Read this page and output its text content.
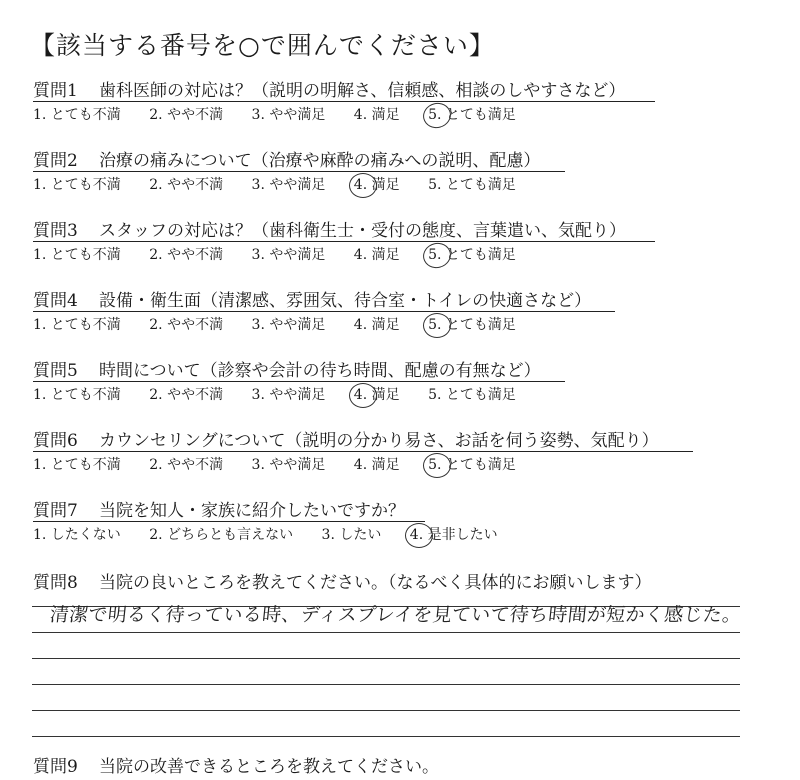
【該当する番号を○で囲んでください】
質問1 歯科医師の対応は？（説明の明解さ、信頼感、相談のしやすさなど）
1. とても不満 2. やや不満 3. やや満足 4. 満足 5. とても満足
質問2 治療の痛みについて（治療や麻酔の痛みへの説明、配慮）
1. とても不満 2. やや不満 3. やや満足 4. 満足 5. とても満足
質問3 スタッフの対応は？（歯科衛生士・受付の態度、言葉遣い、気配り）
1. とても不満 2. やや不満 3. やや満足 4. 満足 5. とても満足
質問4 設備・衛生面（清潔感、雰囲気、待合室・トイレの快適さなど）
1. とても不満 2. やや不満 3. やや満足 4. 満足 5. とても満足
質問5 時間について（診察や会計の待ち時間、配慮の有無など）
1. とても不満 2. やや不満 3. やや満足 4. 満足 5. とても満足
質問6 カウンセリングについて（説明の分かり易さ、お話を伺う姿勢、気配り）
1. とても不満 2. やや不満 3. やや満足 4. 満足 5. とても満足
質問7 当院を知人・家族に紹介したいですか？
1. したくない 2. どちらとも言えない 3. したい 4. 是非したい
質問8 当院の良いところを教えてください。（なるべく具体的にお願いします）
清潔で明るく待っている時、ディスプレイを見ていて待ち時間が短かく感じた。
質問9 当院の改善できるところを教えてください。
